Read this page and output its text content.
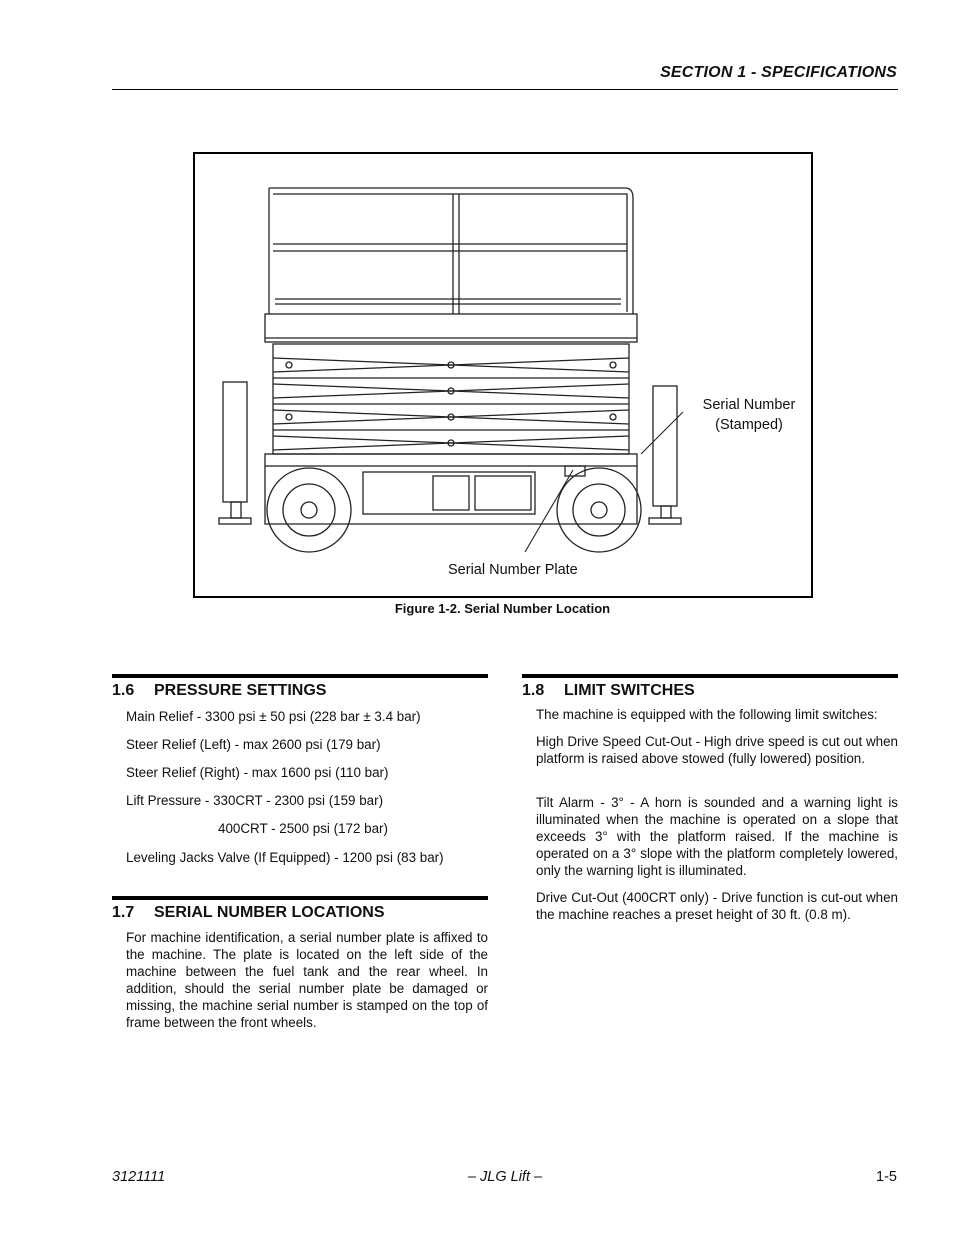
SECTION 1 - SPECIFICATIONS
Serial Number
(Stamped)
Serial Number Plate
Figure 1-2. Serial Number Location
1.6 PRESSURE SETTINGS
Main Relief - 3300 psi ± 50 psi (228 bar ± 3.4 bar)
Steer Relief (Left) - max 2600 psi (179 bar)
Steer Relief (Right) - max 1600 psi (110 bar)
Lift Pressure - 330CRT - 2300 psi (159 bar)
400CRT - 2500 psi (172 bar)
Leveling Jacks Valve (If Equipped) - 1200 psi (83 bar)
1.7 SERIAL NUMBER LOCATIONS
For machine identification, a serial number plate is affixed to the machine. The plate is located on the left side of the machine between the fuel tank and the rear wheel. In addition, should the serial number plate be damaged or missing, the machine serial number is stamped on the top of frame between the front wheels.
1.8 LIMIT SWITCHES
The machine is equipped with the following limit switches:
High Drive Speed Cut-Out - High drive speed is cut out when platform is raised above stowed (fully lowered) position.
Tilt Alarm - 3° - A horn is sounded and a warning light is illuminated when the machine is operated on a slope that exceeds 3° with the platform raised. If the machine is operated on a 3° slope with the platform completely lowered, only the warning light is illuminated.
Drive Cut-Out (400CRT only) - Drive function is cut-out when the machine reaches a preset height of 30 ft. (0.8 m).
3121111	– JLG Lift –	1-5
